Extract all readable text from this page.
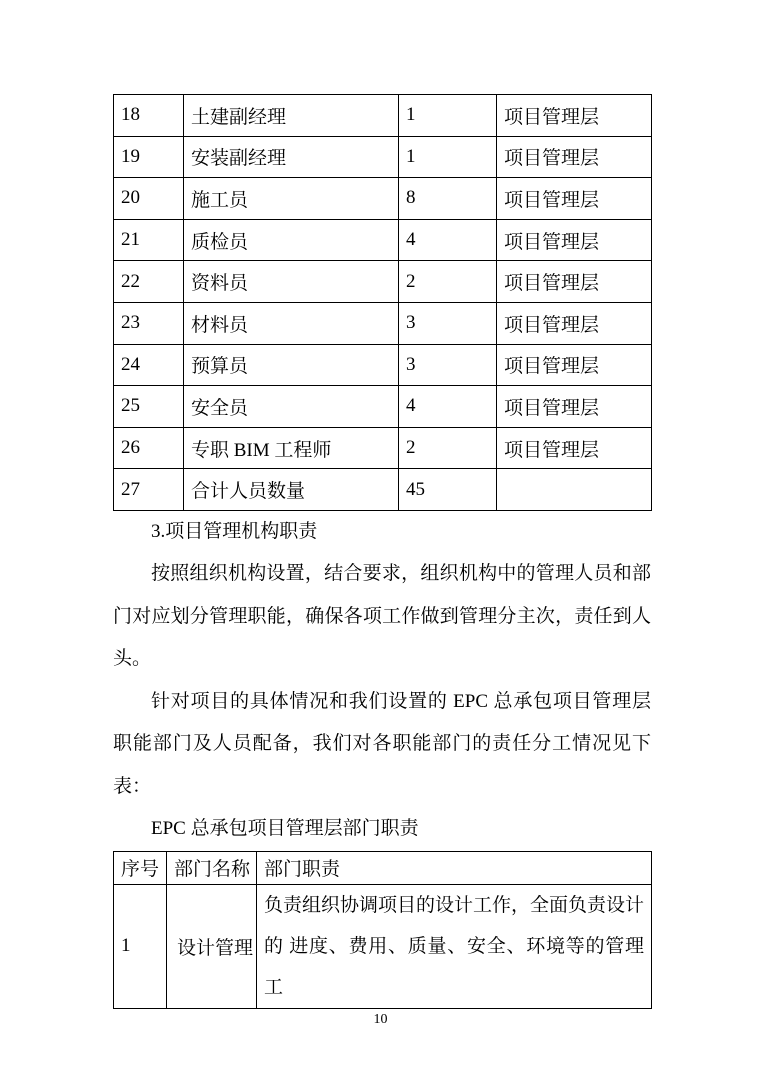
18	土建副经理	1	项目管理层
19	安装副经理	1	项目管理层
20	施工员	8	项目管理层
21	质检员	4	项目管理层
22	资料员	2	项目管理层
23	材料员	3	项目管理层
24	预算员	3	项目管理层
25	安全员	4	项目管理层
26	专职 BIM 工程师	2	项目管理层
27	合计人员数量	45	

3.项目管理机构职责

按照组织机构设置，结合要求，组织机构中的管理人员和部门对应划分管理职能，确保各项工作做到管理分主次，责任到人头。

针对项目的具体情况和我们设置的 EPC 总承包项目管理层职能部门及人员配备，我们对各职能部门的责任分工情况见下表：

EPC 总承包项目管理层部门职责

序号	部门名称	部门职责
1	设计管理	负责组织协调项目的设计工作，全面负责设计的 进度、费用、质量、安全、环境等的管理工
10
